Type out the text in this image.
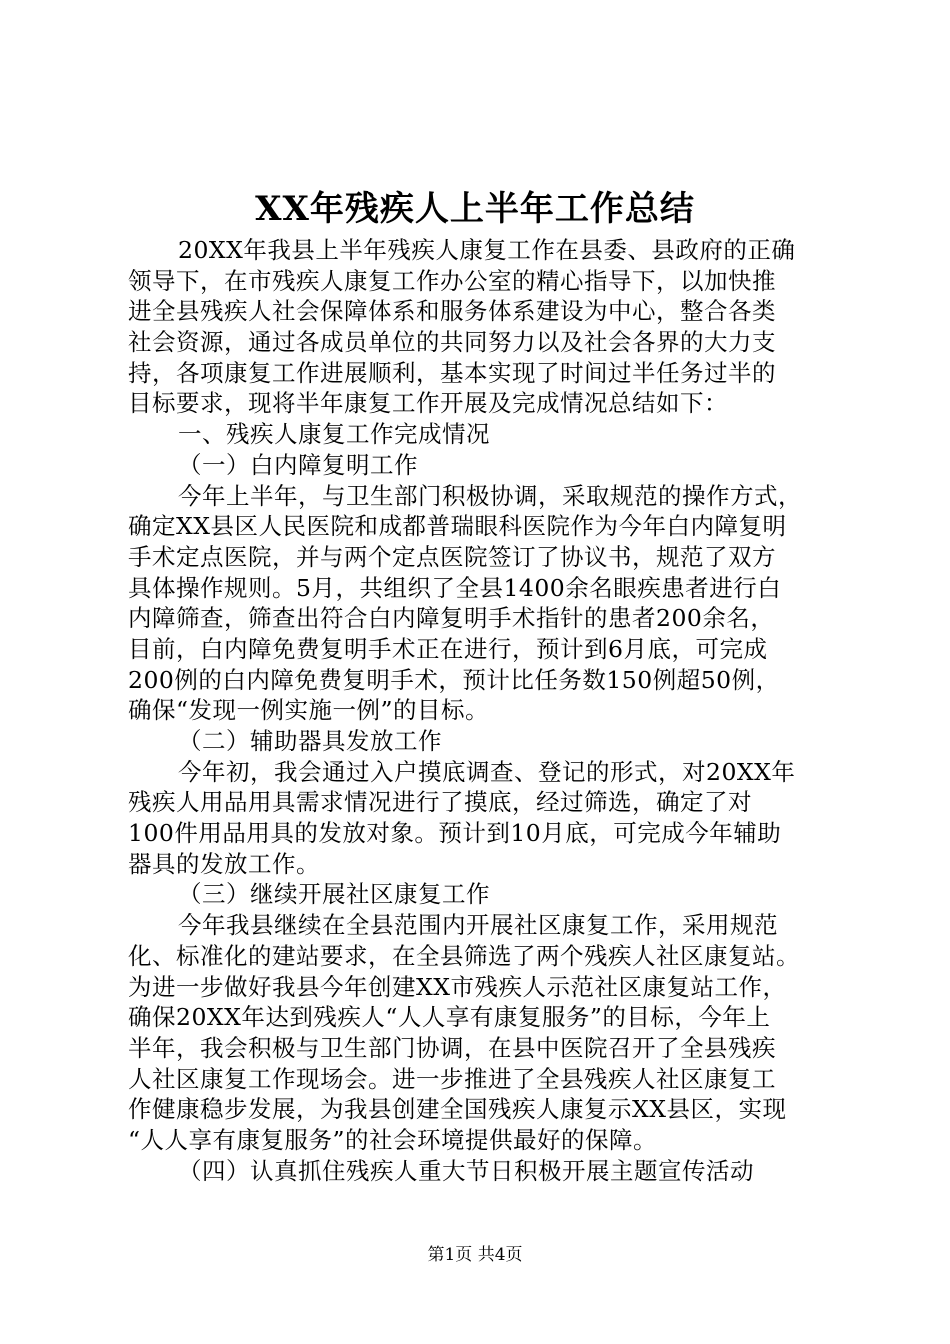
XX年残疾人上半年工作总结
20XX年我县上半年残疾人康复工作在县委、县政府的正确
领导下，在市残疾人康复工作办公室的精心指导下，以加快推
进全县残疾人社会保障体系和服务体系建设为中心，整合各类
社会资源，通过各成员单位的共同努力以及社会各界的大力支
持，各项康复工作进展顺利，基本实现了时间过半任务过半的
目标要求，现将半年康复工作开展及完成情况总结如下：
一、残疾人康复工作完成情况
（一）白内障复明工作
今年上半年，与卫生部门积极协调，采取规范的操作方式，
确定XX县区人民医院和成都普瑞眼科医院作为今年白内障复明
手术定点医院，并与两个定点医院签订了协议书，规范了双方
具体操作规则。5月，共组织了全县1400余名眼疾患者进行白
内障筛查，筛查出符合白内障复明手术指针的患者200余名，
目前，白内障免费复明手术正在进行，预计到6月底，可完成
200例的白内障免费复明手术，预计比任务数150例超50例，
确保“发现一例实施一例”的目标。
（二）辅助器具发放工作
今年初，我会通过入户摸底调查、登记的形式，对20XX年
残疾人用品用具需求情况进行了摸底，经过筛选，确定了对
100件用品用具的发放对象。预计到10月底，可完成今年辅助
器具的发放工作。
（三）继续开展社区康复工作
今年我县继续在全县范围内开展社区康复工作，采用规范
化、标准化的建站要求，在全县筛选了两个残疾人社区康复站。
为进一步做好我县今年创建XX市残疾人示范社区康复站工作，
确保20XX年达到残疾人“人人享有康复服务”的目标，今年上
半年，我会积极与卫生部门协调，在县中医院召开了全县残疾
人社区康复工作现场会。进一步推进了全县残疾人社区康复工
作健康稳步发展，为我县创建全国残疾人康复示XX县区，实现
“人人享有康复服务”的社会环境提供最好的保障。
（四）认真抓住残疾人重大节日积极开展主题宣传活动
第1页 共4页
